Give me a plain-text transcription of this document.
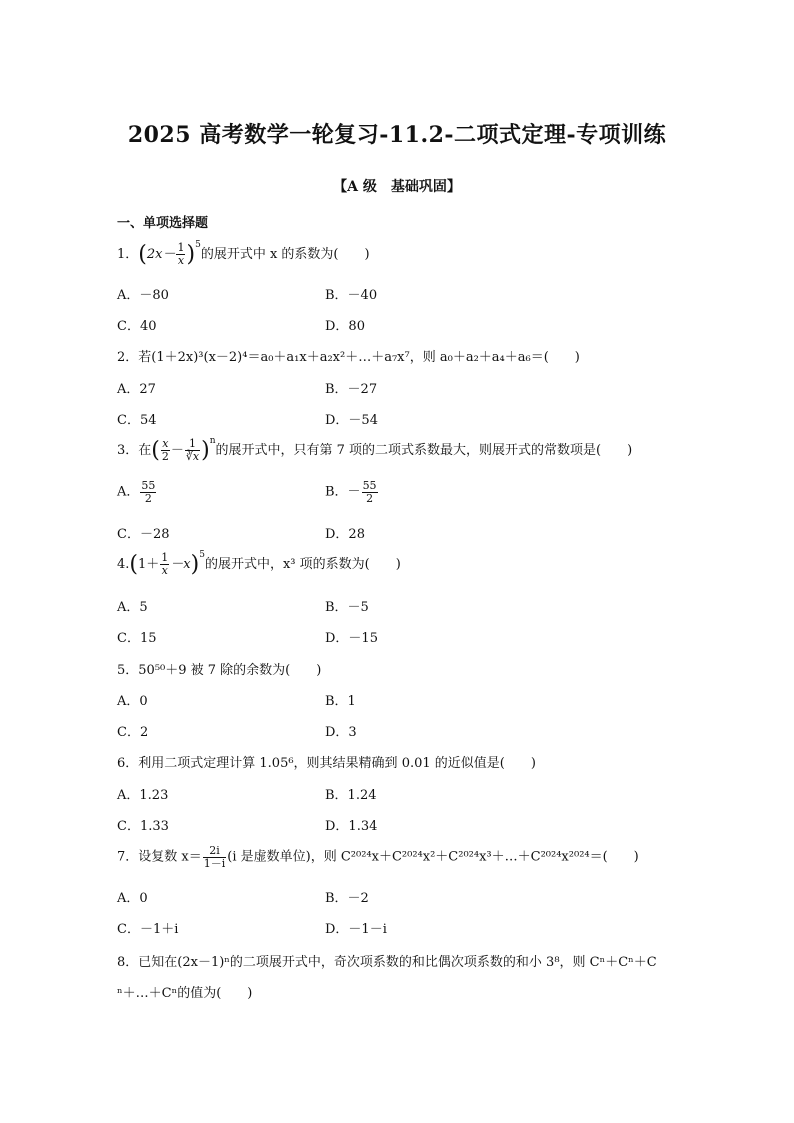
2025 高考数学一轮复习-11.2-二项式定理-专项训练
【A 级　基础巩固】
一、单项选择题
1．$(2x- \frac{1}{x} )^5$的展开式中 x 的系数为(　　)
A．－80	B．－40
C．40	D．80
2．若(1＋2x)³(x－2)⁴＝a₀＋a₁x＋a₂x²＋…＋a₇x⁷，则 a₀＋a₂＋a₄＋a₆＝(　　)
A．27	B．－27
C．54	D．－54
3．在( $\frac{x}{2} - \frac{1}{∛x} )^n$的展开式中，只有第 7 项的二项式系数最大，则展开式的常数项是(　　)
A． $\frac{55}{2}$	B．－ $\frac{55}{2}$
C．－28	D．28
$4.(1+ \frac{1}{x} -x)^5$的展开式中，x³ 项的系数为(　　)
A．5	B．－5
C．15	D．－15
5．50⁵⁰＋9 被 7 除的余数为(　　)
A．0	B．1
C．2	D．3
6．利用二项式定理计算 1.05⁶，则其结果精确到 0.01 的近似值是(　　)
A．1.23	B．1.24
C．1.33	D．1.34
7．设复数 $x= \frac{2i}{1-i} (i$ 是虚数单位)，则 C²⁰²⁴x＋C²⁰²⁴x²＋C²⁰²⁴x³＋…＋C²⁰²⁴x²⁰²⁴＝(　　)
A．0	B．－2
C．－1＋i	D．－1－i
8．已知在(2x－1)ⁿ的二项展开式中，奇次项系数的和比偶次项系数的和小 3⁸，则 Cⁿ＋Cⁿ＋C
ⁿ＋…＋Cⁿ的值为(　　)
